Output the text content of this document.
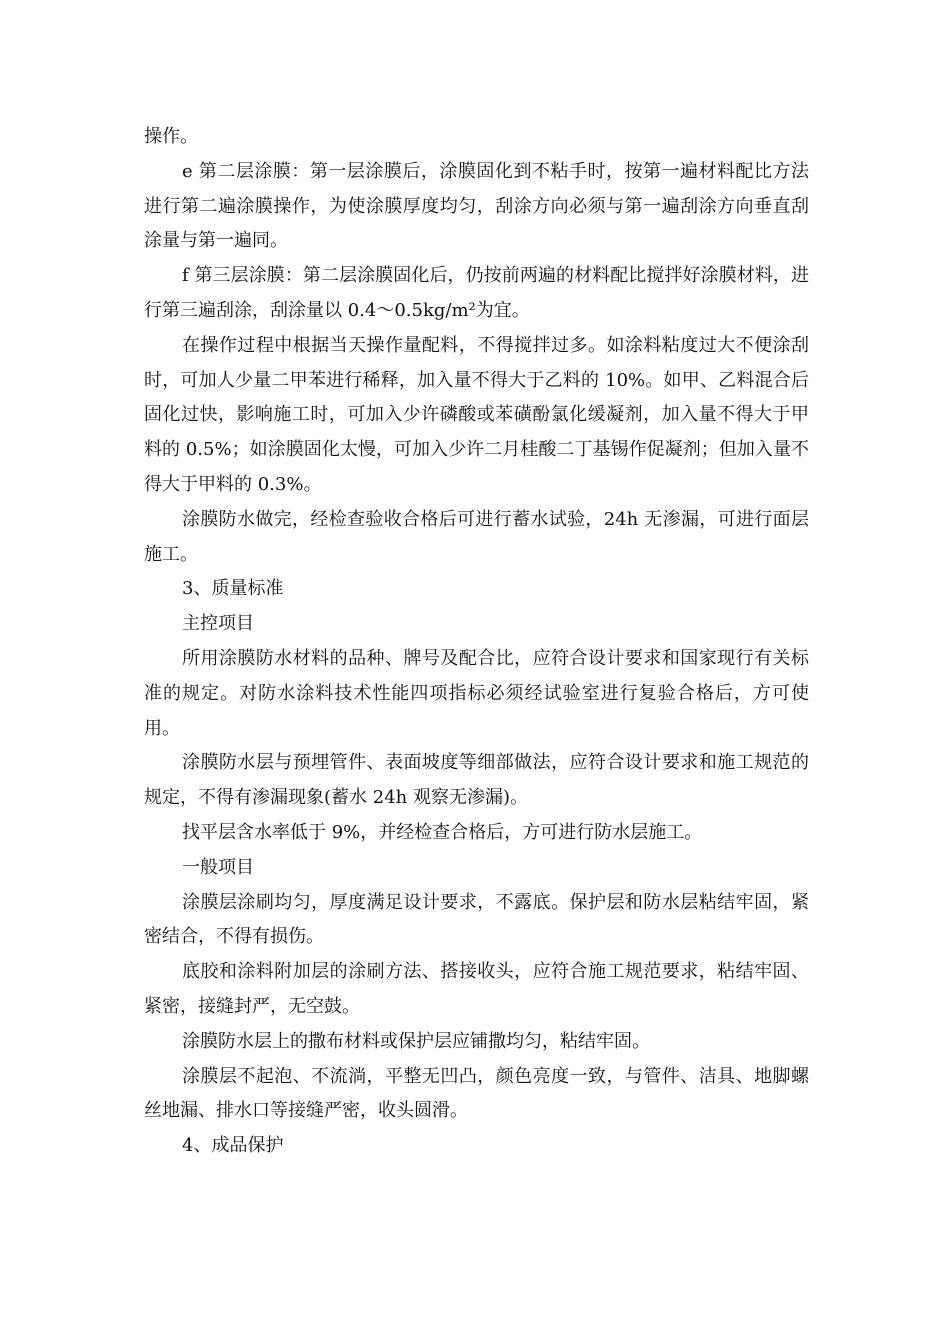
操作。

e 第二层涂膜：第一层涂膜后，涂膜固化到不粘手时，按第一遍材料配比方法进行第二遍涂膜操作，为使涂膜厚度均匀，刮涂方向必须与第一遍刮涂方向垂直刮涂量与第一遍同。

f 第三层涂膜：第二层涂膜固化后，仍按前两遍的材料配比搅拌好涂膜材料，进行第三遍刮涂，刮涂量以 0.4～0.5kg/m²为宜。

在操作过程中根据当天操作量配料，不得搅拌过多。如涂料粘度过大不便涂刮时，可加人少量二甲苯进行稀释，加入量不得大于乙料的 10%。如甲、乙料混合后固化过快，影响施工时，可加入少许磷酸或苯磺酚氯化缓凝剂，加入量不得大于甲料的 0.5%；如涂膜固化太慢，可加入少许二月桂酸二丁基锡作促凝剂；但加入量不得大于甲料的 0.3%。

涂膜防水做完，经检查验收合格后可进行蓄水试验，24h 无渗漏，可进行面层施工。

3、质量标准

主控项目

所用涂膜防水材料的品种、牌号及配合比，应符合设计要求和国家现行有关标准的规定。对防水涂料技术性能四项指标必须经试验室进行复验合格后，方可使用。

涂膜防水层与预埋管件、表面坡度等细部做法，应符合设计要求和施工规范的规定，不得有渗漏现象(蓄水 24h 观察无渗漏)。

找平层含水率低于 9%，并经检查合格后，方可进行防水层施工。

一般项目

涂膜层涂刷均匀，厚度满足设计要求，不露底。保护层和防水层粘结牢固，紧密结合，不得有损伤。

底胶和涂料附加层的涂刷方法、搭接收头，应符合施工规范要求，粘结牢固、紧密，接缝封严，无空鼓。

涂膜防水层上的撒布材料或保护层应铺撒均匀，粘结牢固。

涂膜层不起泡、不流淌，平整无凹凸，颜色亮度一致，与管件、洁具、地脚螺丝地漏、排水口等接缝严密，收头圆滑。

4、成品保护
